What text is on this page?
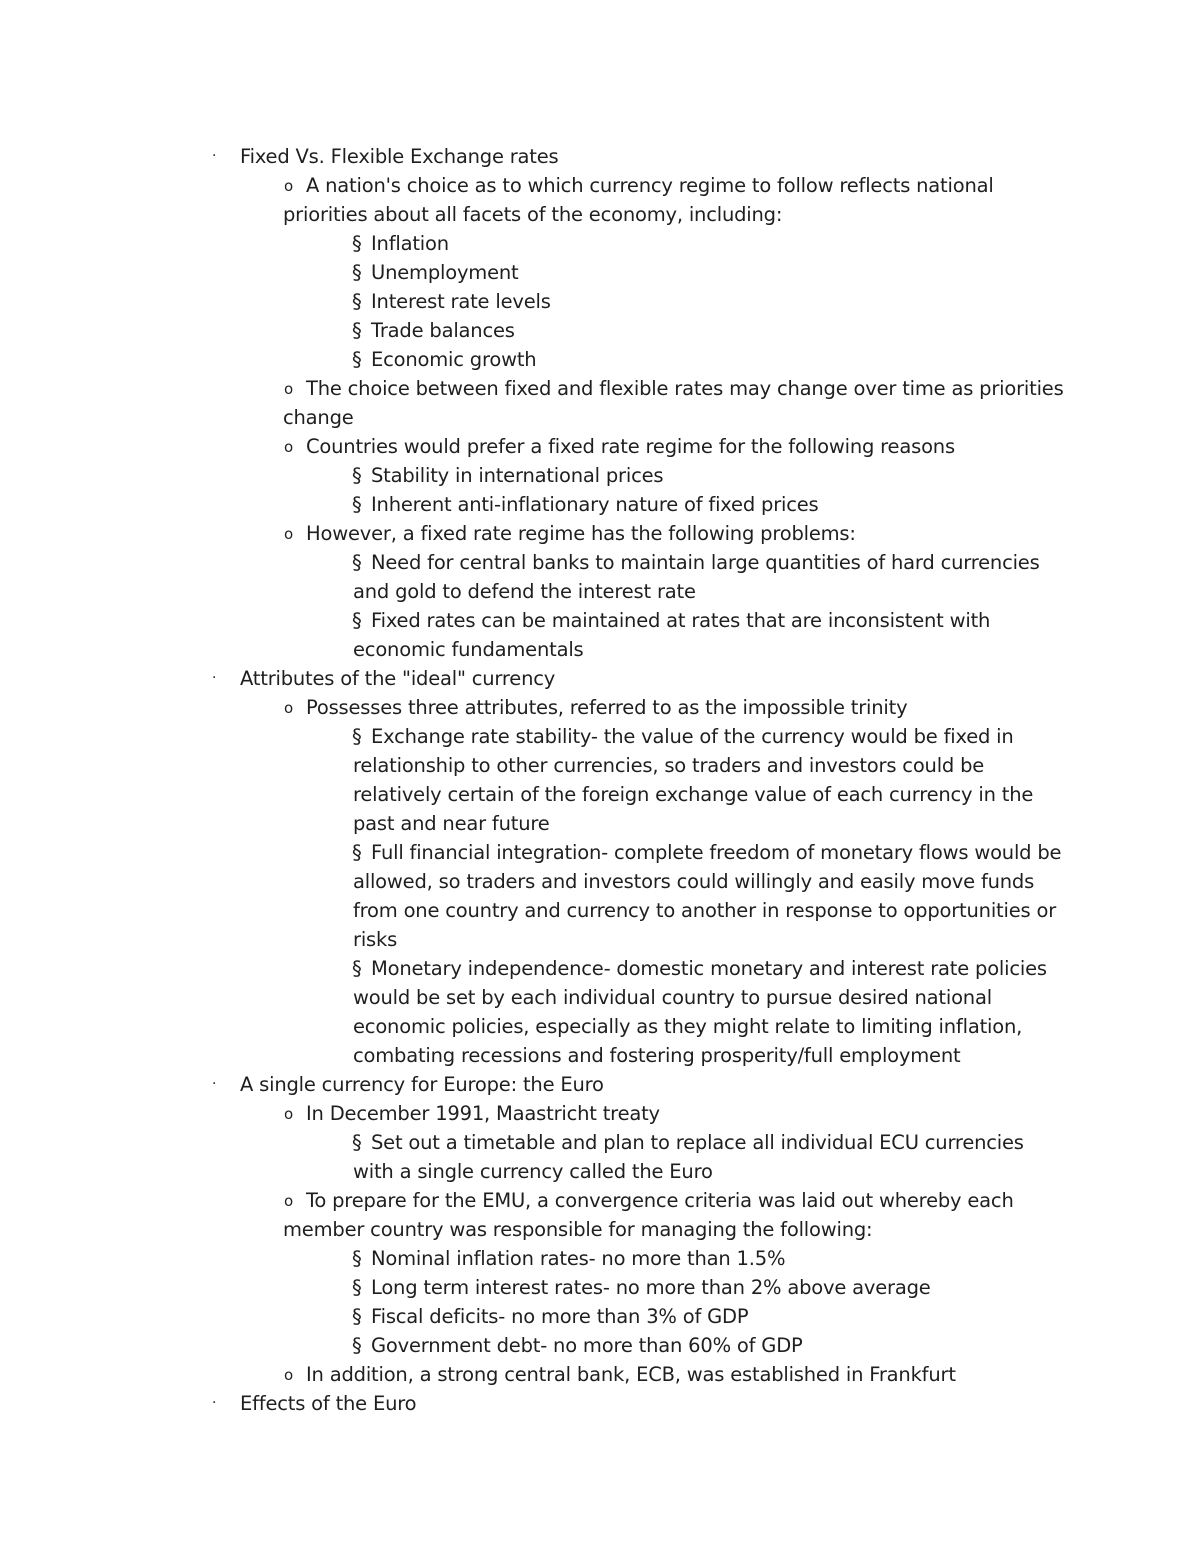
· Fixed Vs. Flexible Exchange rates
o A nation's choice as to which currency regime to follow reflects national
priorities about all facets of the economy, including:
§ Inflation
§ Unemployment
§ Interest rate levels
§ Trade balances
§ Economic growth
o The choice between fixed and flexible rates may change over time as priorities
change
o Countries would prefer a fixed rate regime for the following reasons
§ Stability in international prices
§ Inherent anti-inflationary nature of fixed prices
o However, a fixed rate regime has the following problems:
§ Need for central banks to maintain large quantities of hard currencies
and gold to defend the interest rate
§ Fixed rates can be maintained at rates that are inconsistent with
economic fundamentals
· Attributes of the "ideal" currency
o Possesses three attributes, referred to as the impossible trinity
§ Exchange rate stability- the value of the currency would be fixed in
relationship to other currencies, so traders and investors could be
relatively certain of the foreign exchange value of each currency in the
past and near future
§ Full financial integration- complete freedom of monetary flows would be
allowed, so traders and investors could willingly and easily move funds
from one country and currency to another in response to opportunities or
risks
§ Monetary independence- domestic monetary and interest rate policies
would be set by each individual country to pursue desired national
economic policies, especially as they might relate to limiting inflation,
combating recessions and fostering prosperity/full employment
· A single currency for Europe: the Euro
o In December 1991, Maastricht treaty
§ Set out a timetable and plan to replace all individual ECU currencies
with a single currency called the Euro
o To prepare for the EMU, a convergence criteria was laid out whereby each
member country was responsible for managing the following:
§ Nominal inflation rates- no more than 1.5%
§ Long term interest rates- no more than 2% above average
§ Fiscal deficits- no more than 3% of GDP
§ Government debt- no more than 60% of GDP
o In addition, a strong central bank, ECB, was established in Frankfurt
· Effects of the Euro
